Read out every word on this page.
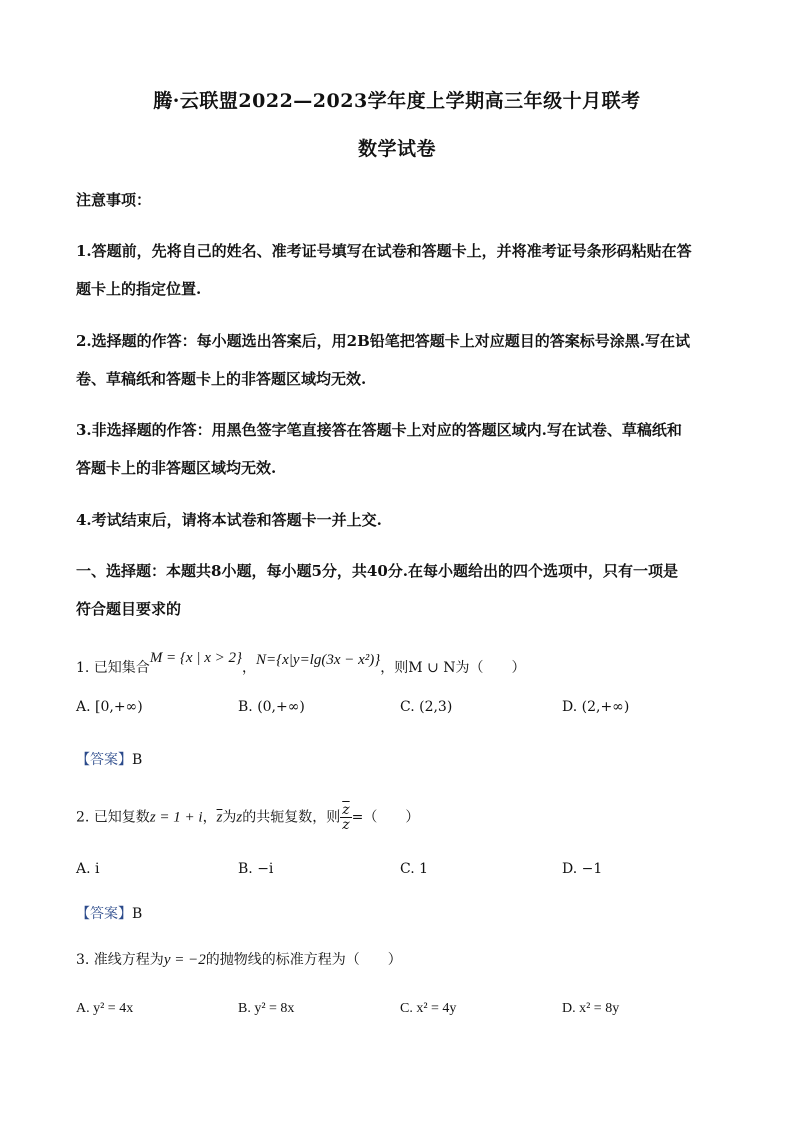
腾·云联盟2022—2023学年度上学期高三年级十月联考
数学试卷
注意事项：
1.答题前，先将自己的姓名、准考证号填写在试卷和答题卡上，并将准考证号条形码粘贴在答
题卡上的指定位置.
2.选择题的作答：每小题选出答案后，用2B铅笔把答题卡上对应题目的答案标号涂黑.写在试
卷、草稿纸和答题卡上的非答题区域均无效.
3.非选择题的作答：用黑色签字笔直接答在答题卡上对应的答题区域内.写在试卷、草稿纸和
答题卡上的非答题区域均无效.
4.考试结束后，请将本试卷和答题卡一并上交.
一、选择题：本题共8小题，每小题5分，共40分.在每小题给出的四个选项中，只有一项是
符合题目要求的
1. 已知集合M = {x | x > 2}，N={x|y=lg(3x − x²)}，则M ∪ N为（　　）
A. [0,+∞)	B. (0,+∞)	C. (2,3)	D. (2,+∞)
【答案】B
2. 已知复数z = 1 + i，$\overline{z}$为z的共轭复数，则 $\frac{\overline{z}}{z}$ =（　　）
A. i	B. −i	C. 1	D. −1
【答案】B
3. 准线方程为y = −2的抛物线的标准方程为（　　）
A. y² = 4x	B. y² = 8x	C. x² = 4y	D. x² = 8y
